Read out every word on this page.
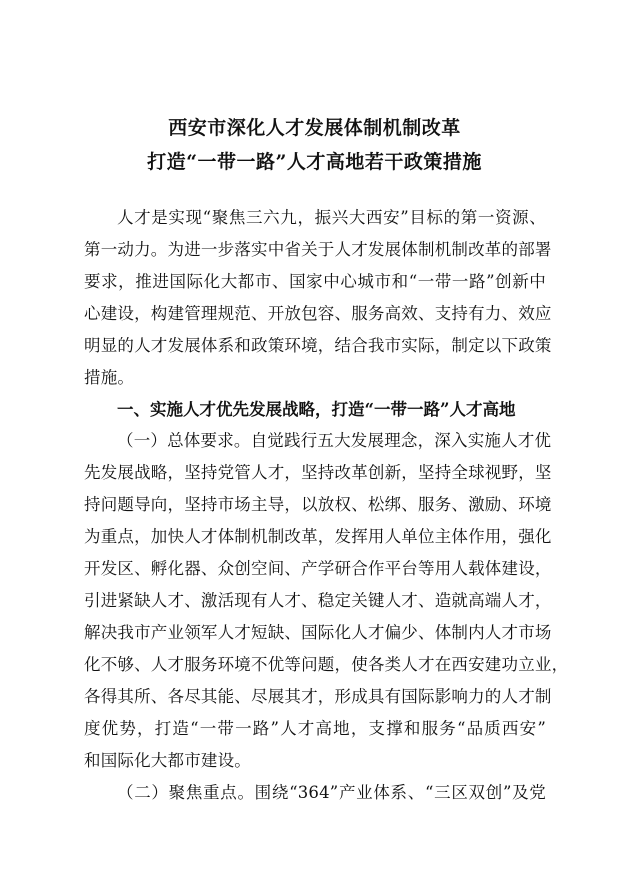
西安市深化人才发展体制机制改革
打造“一带一路”人才高地若干政策措施
人才是实现“聚焦三六九，振兴大西安”目标的第一资源、
第一动力。为进一步落实中省关于人才发展体制机制改革的部署
要求，推进国际化大都市、国家中心城市和“一带一路”创新中
心建设，构建管理规范、开放包容、服务高效、支持有力、效应
明显的人才发展体系和政策环境，结合我市实际，制定以下政策
措施。
一、实施人才优先发展战略，打造“一带一路”人才高地
（一）总体要求。自觉践行五大发展理念，深入实施人才优
先发展战略，坚持党管人才，坚持改革创新，坚持全球视野，坚
持问题导向，坚持市场主导，以放权、松绑、服务、激励、环境
为重点，加快人才体制机制改革，发挥用人单位主体作用，强化
开发区、孵化器、众创空间、产学研合作平台等用人载体建设，
引进紧缺人才、激活现有人才、稳定关键人才、造就高端人才，
解决我市产业领军人才短缺、国际化人才偏少、体制内人才市场
化不够、人才服务环境不优等问题，使各类人才在西安建功立业，
各得其所、各尽其能、尽展其才，形成具有国际影响力的人才制
度优势，打造“一带一路”人才高地，支撑和服务“品质西安”
和国际化大都市建设。
（二）聚焦重点。围绕“364”产业体系、“三区双创”及党
